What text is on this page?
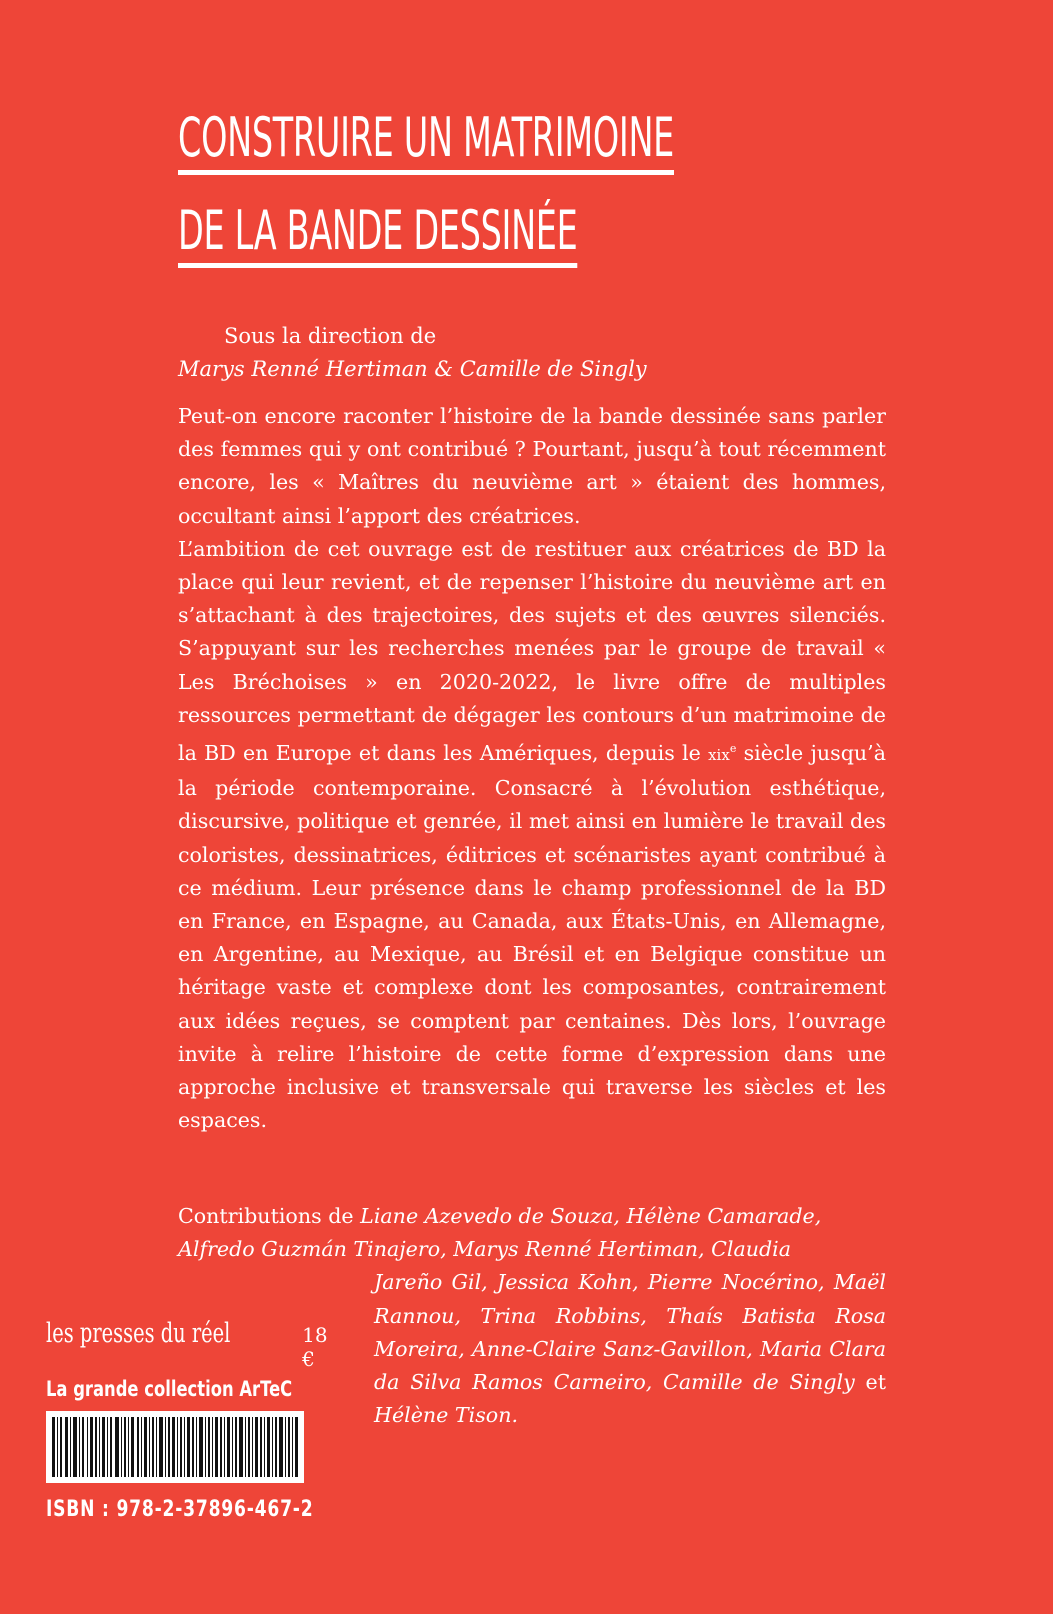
CONSTRUIRE UN MATRIMOINE
DE LA BANDE DESSINÉE
Sous la direction de
Marys Renné Hertiman & Camille de Singly

Peut-on encore raconter l’histoire de la bande dessinée sans parler des femmes qui y ont contribué ? Pourtant, jusqu’à tout récemment encore, les « Maîtres du neuvième art » étaient des hommes, occultant ainsi l’apport des créatrices.

L’ambition de cet ouvrage est de restituer aux créatrices de BD la place qui leur revient, et de repenser l’histoire du neuvième art en s’attachant à des trajectoires, des sujets et des œuvres silenciés. S’appuyant sur les recherches menées par le groupe de travail « Les Bréchoises » en 2020-2022, le livre offre de multiples ressources permettant de dégager les contours d’un matrimoine de la BD en Europe et dans les Amériques, depuis le xix$^e$ siècle jusqu’à la période contemporaine. Consacré à l’évolution esthétique, discursive, politique et genrée, il met ainsi en lumière le travail des coloristes, dessinatrices, éditrices et scénaristes ayant contribué à ce médium. Leur présence dans le champ professionnel de la BD en France, en Espagne, au Canada, aux États-Unis, en Allemagne, en Argentine, au Mexique, au Brésil et en Belgique constitue un héritage vaste et complexe dont les composantes, contrairement aux idées reçues, se comptent par centaines. Dès lors, l’ouvrage invite à relire l’histoire de cette forme d’expression dans une approche inclusive et transversale qui traverse les siècles et les espaces.

Contributions de Liane Azevedo de Souza, Hélène Camarade,
Alfredo Guzmán Tinajero, Marys Renné Hertiman, Claudia
Jareño Gil, Jessica Kohn, Pierre Nocérino, Maël Rannou, Trina Robbins, Thaís Batista Rosa Moreira, Anne-Claire Sanz-Gavillon, Maria Clara da Silva Ramos Carneiro, Camille de Singly et Hélène Tison.
les presses du réel	18 €
La grande collection ArTeC
ISBN : 978-2-37896-467-2
